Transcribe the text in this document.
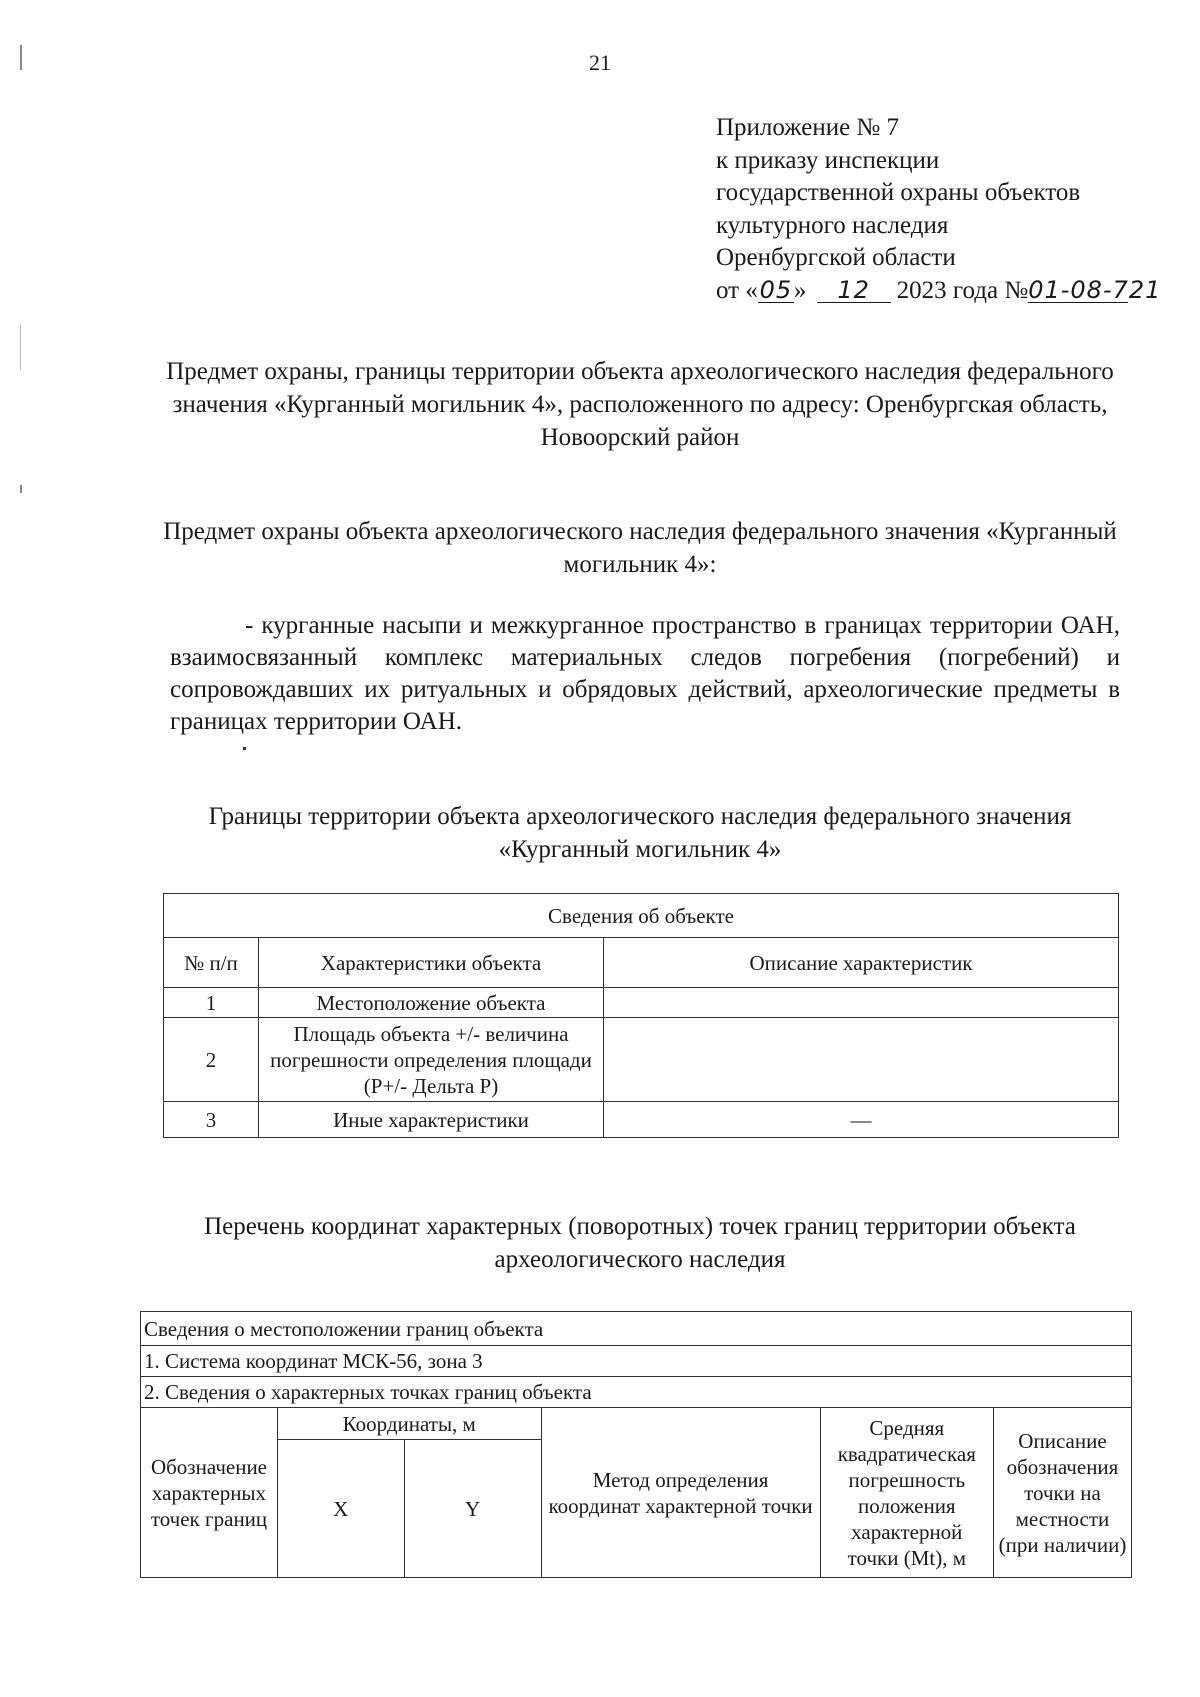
21
Приложение № 7
к приказу инспекции
государственной охраны объектов
культурного наследия
Оренбургской области
от «05» 12 2023 года №01-08-721
Предмет охраны, границы территории объекта археологического наследия федерального значения «Курганный могильник 4», расположенного по адресу: Оренбургская область, Новоорский район
Предмет охраны объекта археологического наследия федерального значения «Курганный могильник 4»:

- курганные насыпи и межкурганное пространство в границах территории ОАН, взаимосвязанный комплекс материальных следов погребения (погребений) и сопровождавших их ритуальных и обрядовых действий, археологические предметы в границах территории ОАН.

Границы территории объекта археологического наследия федерального значения «Курганный могильник 4»
Сведения об объекте		
№ п/п	Характеристики объекта	Описание характеристик
1	Местоположение объекта	
2	Площадь объекта +/- величина погрешности определения площади (Р+/- Дельта Р)	
3	Иные характеристики	—
Перечень координат характерных (поворотных) точек границ территории объекта археологического наследия
Сведения о местоположении границ объекта					
1. Система координат МСК-56, зона 3					
2. Сведения о характерных точках границ объекта					
Обозначение характерных точек границ	Координаты, м		Метод определения координат характерной точки	Средняя квадратическая погрешность положения характерной точки (Mt), м	Описание обозначения точки на местности (при наличии)
	X	Y			
